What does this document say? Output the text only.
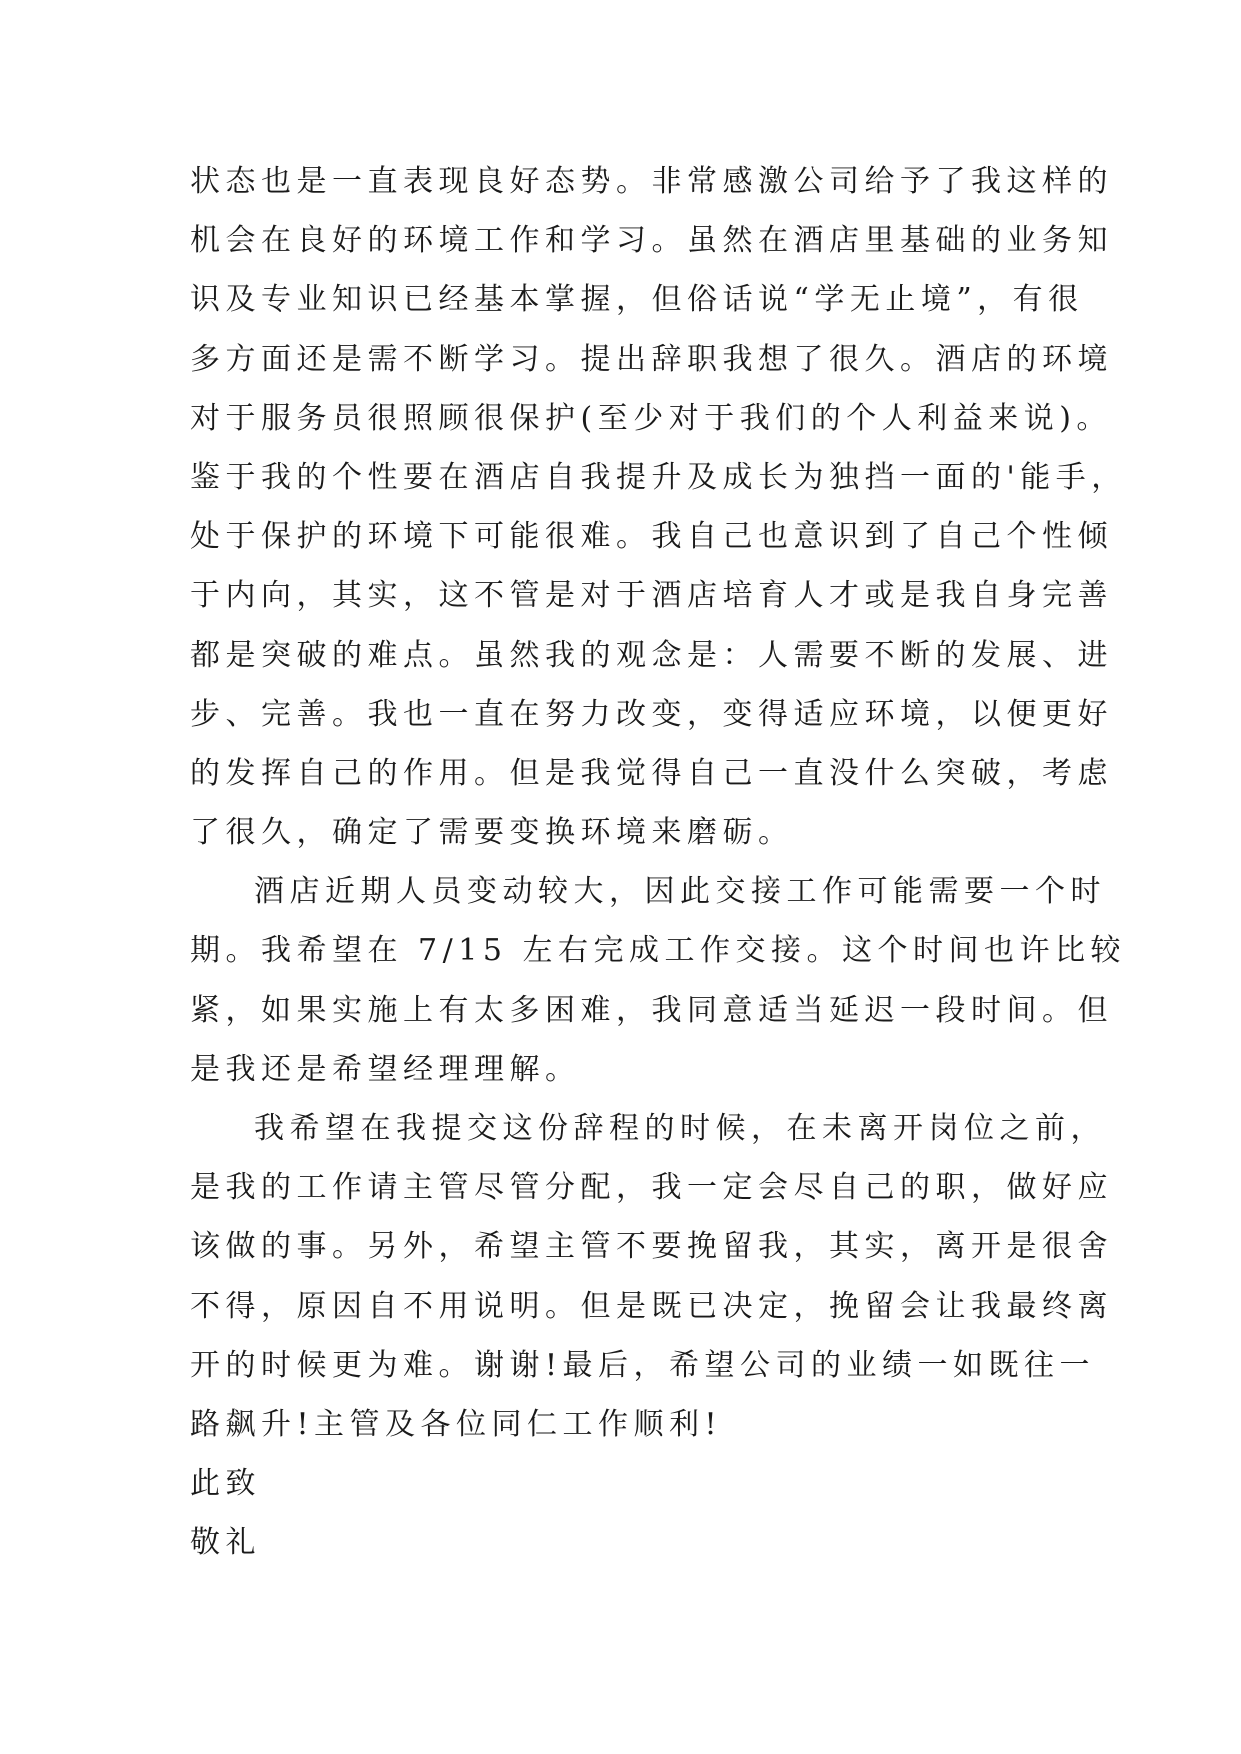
状态也是一直表现良好态势。非常感激公司给予了我这样的
机会在良好的环境工作和学习。虽然在酒店里基础的业务知
识及专业知识已经基本掌握，但俗话说“学无止境”，有很
多方面还是需不断学习。提出辞职我想了很久。酒店的环境
对于服务员很照顾很保护(至少对于我们的个人利益来说)。
鉴于我的个性要在酒店自我提升及成长为独挡一面的'能手，
处于保护的环境下可能很难。我自己也意识到了自己个性倾
于内向，其实，这不管是对于酒店培育人才或是我自身完善
都是突破的难点。虽然我的观念是：人需要不断的发展、进
步、完善。我也一直在努力改变，变得适应环境，以便更好
的发挥自己的作用。但是我觉得自己一直没什么突破，考虑
了很久，确定了需要变换环境来磨砺。
酒店近期人员变动较大，因此交接工作可能需要一个时
期。我希望在 7/15 左右完成工作交接。这个时间也许比较
紧，如果实施上有太多困难，我同意适当延迟一段时间。但
是我还是希望经理理解。
我希望在我提交这份辞程的时候，在未离开岗位之前，
是我的工作请主管尽管分配，我一定会尽自己的职，做好应
该做的事。另外，希望主管不要挽留我，其实，离开是很舍
不得，原因自不用说明。但是既已决定，挽留会让我最终离
开的时候更为难。谢谢!最后，希望公司的业绩一如既往一
路飙升!主管及各位同仁工作顺利!
此致
敬礼
